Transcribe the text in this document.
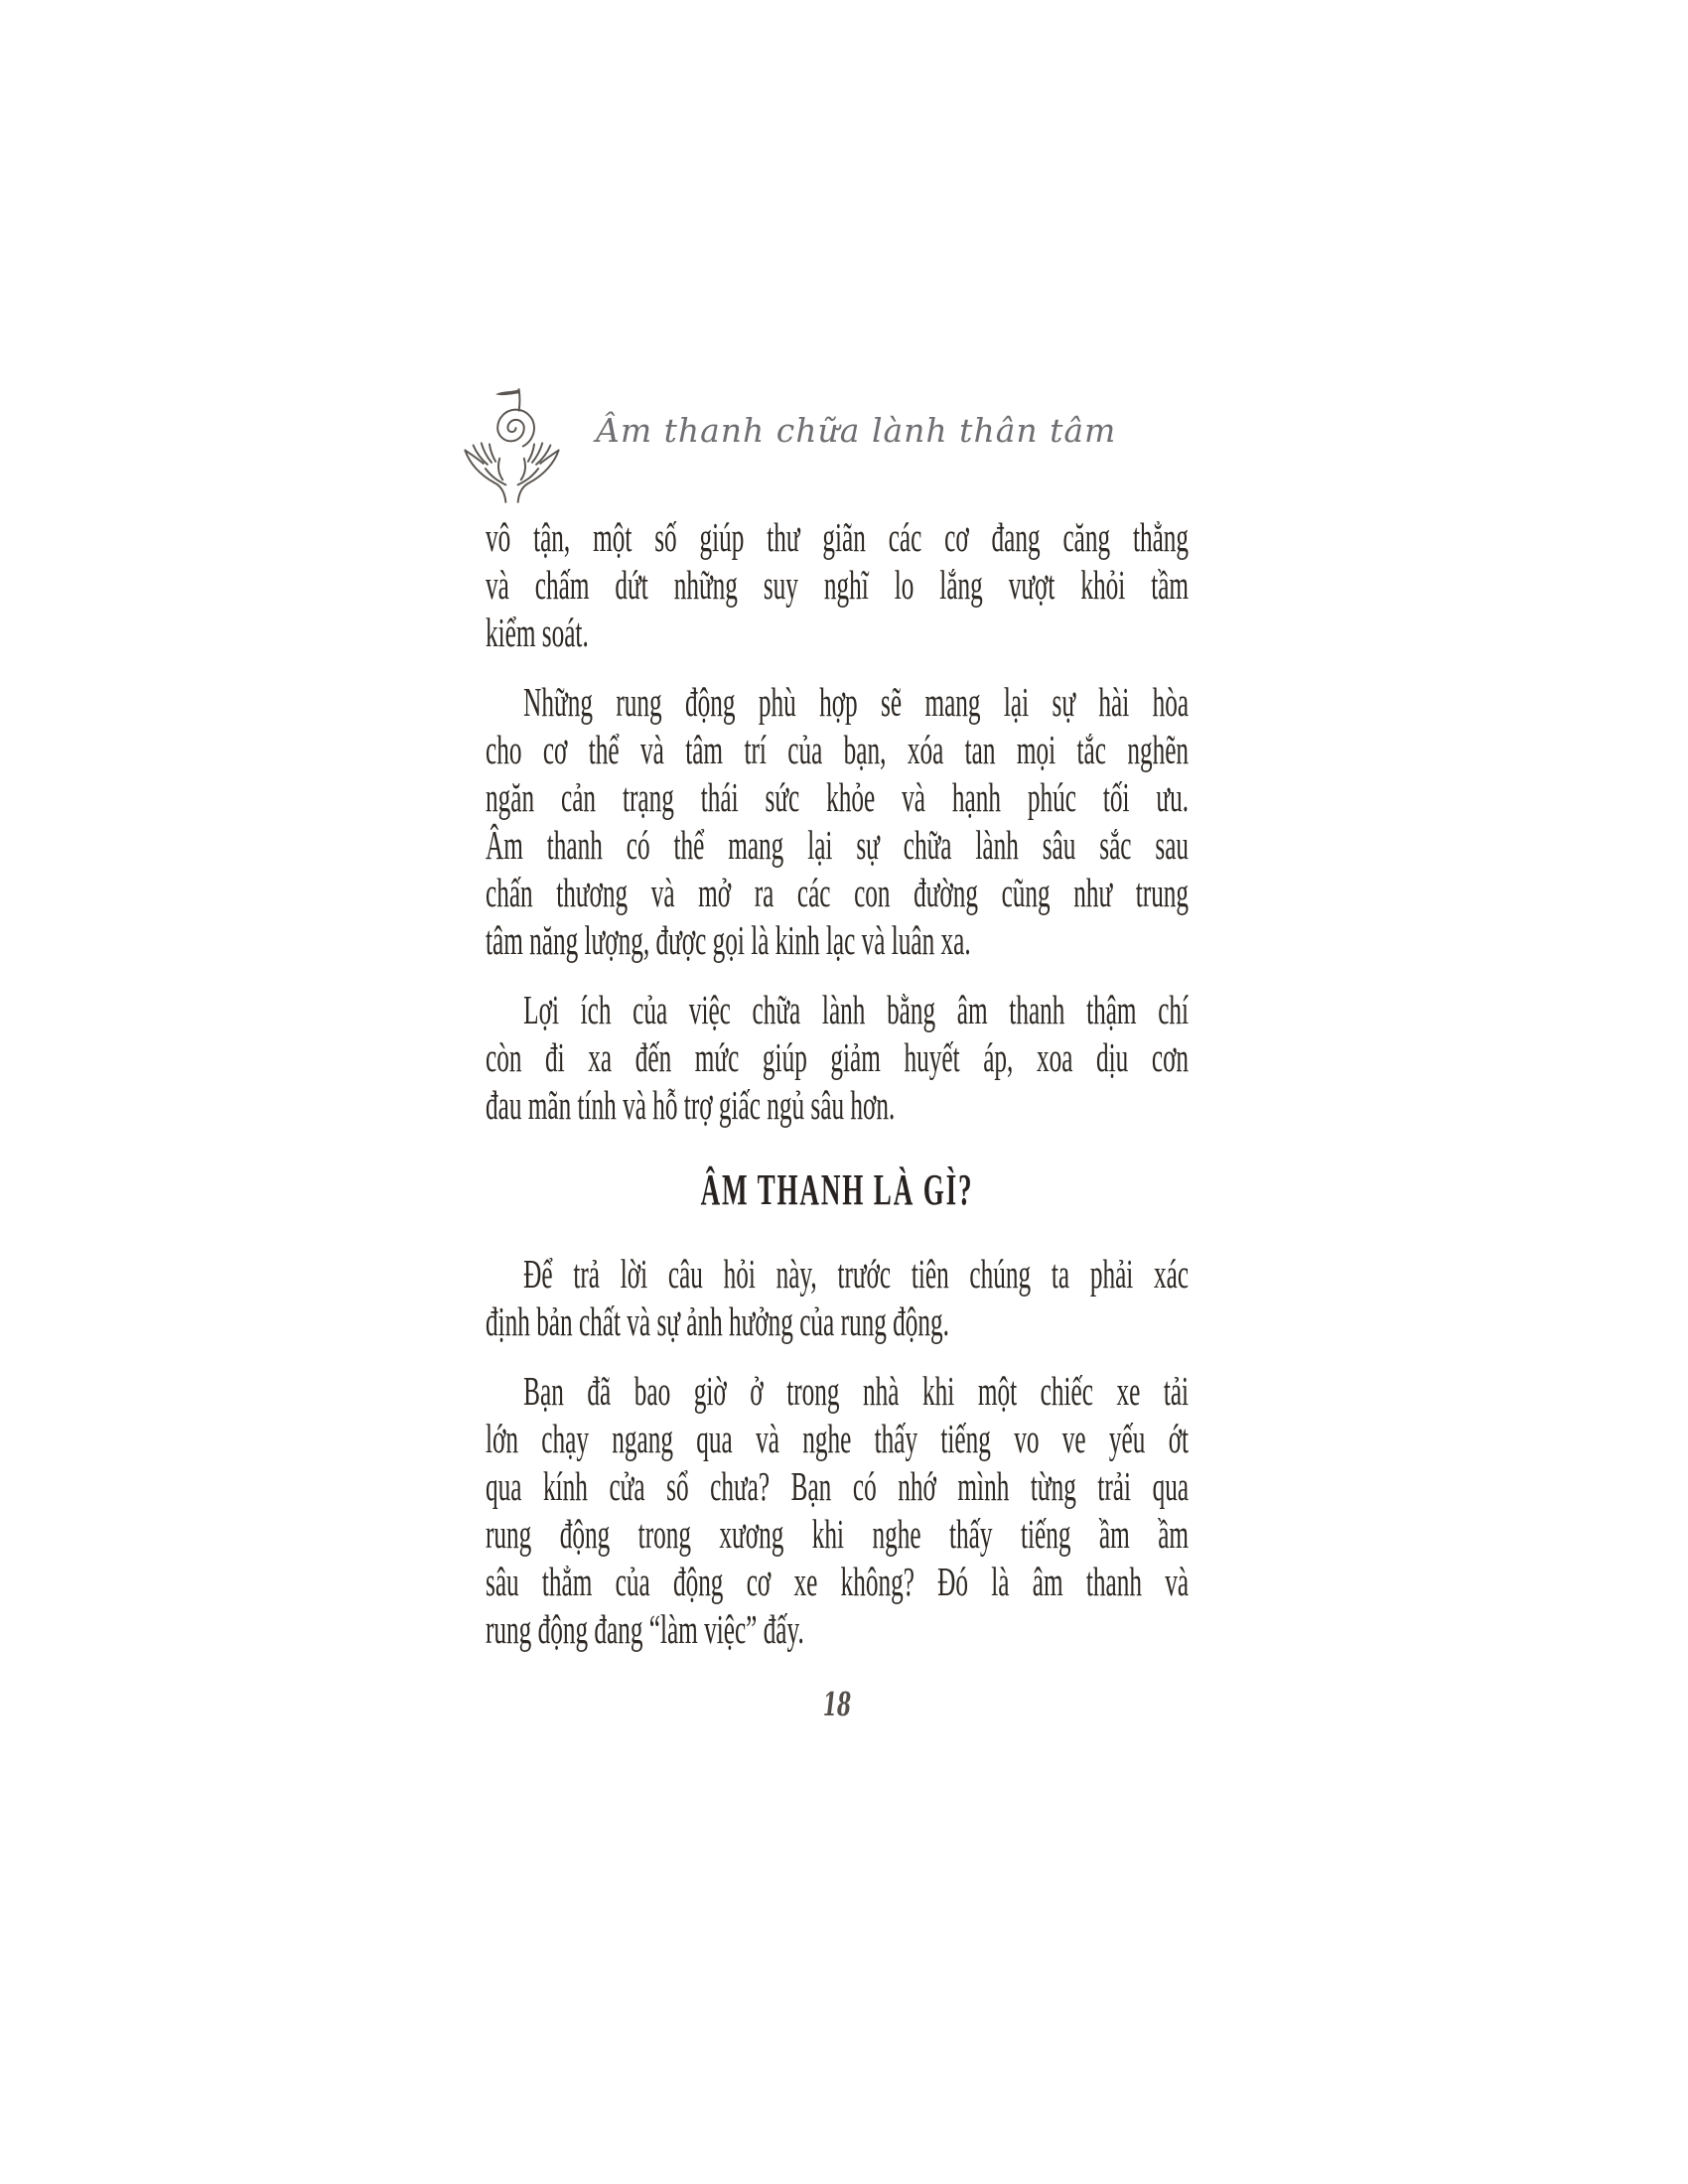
Âm thanh chữa lành thân tâm
vô tận, một số giúp thư giãn các cơ đang căng thẳng
và chấm dứt những suy nghĩ lo lắng vượt khỏi tầm
kiểm soát.
Những rung động phù hợp sẽ mang lại sự hài hòa
cho cơ thể và tâm trí của bạn, xóa tan mọi tắc nghẽn
ngăn cản trạng thái sức khỏe và hạnh phúc tối ưu.
Âm thanh có thể mang lại sự chữa lành sâu sắc sau
chấn thương và mở ra các con đường cũng như trung
tâm năng lượng, được gọi là kinh lạc và luân xa.
Lợi ích của việc chữa lành bằng âm thanh thậm chí
còn đi xa đến mức giúp giảm huyết áp, xoa dịu cơn
đau mãn tính và hỗ trợ giấc ngủ sâu hơn.
ÂM THANH LÀ GÌ?
Để trả lời câu hỏi này, trước tiên chúng ta phải xác
định bản chất và sự ảnh hưởng của rung động.
Bạn đã bao giờ ở trong nhà khi một chiếc xe tải
lớn chạy ngang qua và nghe thấy tiếng vo ve yếu ớt
qua kính cửa sổ chưa? Bạn có nhớ mình từng trải qua
rung động trong xương khi nghe thấy tiếng ầm ầm
sâu thẳm của động cơ xe không? Đó là âm thanh và
rung động đang “làm việc” đấy.
18
